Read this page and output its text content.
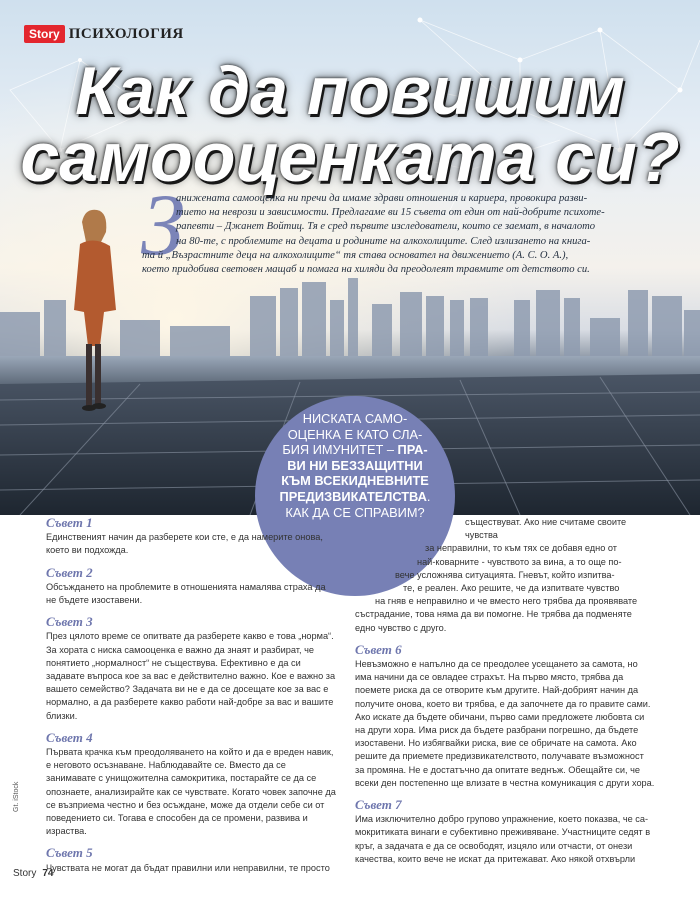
Story ПСИХОЛОГИЯ
Как да повишим
самооценката си?
З
аниженaта самооценка ни пречи да имаме здрави отношения и кариера, провокира разви-
тието на неврози и зависимости. Предлагаме ви 15 съвета от един от най-добрите психоте-
рапевти – Джанет Войтиц. Тя е сред първите изследователи, които се заемат, в началото
на 80-те, с проблемите на децата и родините на алкохолиците. След излизането на книга-
та й „Възрастните деца на алкохолиците“ тя става основател на движението (А. С. О. А.),
което придобива световен мащаб и помага на хиляди да преодолеят травмите от детството си.
НИСКАТА САМО-
ОЦЕНКА Е КАТО СЛА-
БИЯ ИМУНИТЕТ – ПРА-
ВИ НИ БЕЗЗАЩИТНИ
КЪМ ВСЕКИДНЕВНИТЕ
ПРЕДИЗВИКАТЕЛСТВА.
КАК ДА СЕ СПРАВИМ?
Съвет 1

Единственият начин да разберете кои сте, е да намерите онова, което ви подхожда.

Съвет 2

Обсъждането на проблемите в отношенията намалява страха да не бъдете изоставени.

Съвет 3

През цялото време се опитвате да разберете какво е това „норма“. За хората с ниска самооценка е важно да знаят и разбират, че понятието „нормалност“ не съществува. Ефективно е да си задавате въпроса кое за вас е действително важно. Кое е важно за вашето семейство? Задачата ви не е да се досещате кое за вас е нормално, а да разберете какво работи най-добре за вас и вашите близки.

Съвет 4

Първата крачка към преодоляването на който и да е вреден навик, е неговото осъзнаване. Наблюдавайте се. Вместо да се занимавате с унищожителна самокритика, постарайте се да се опознаете, анализирайте как се чувствате. Когато човек започне да се възприема честно и без осъждане, може да отдели себе си от поведението си. Тогава е способен да се промени, развива и израства.

Съвет 5

Чувствата не могат да бъдат правилни или неправилни, те просто

съществуват. Ако ние считаме своите чувства

за неправилни, то към тях се добавя едно от

най-коварните - чувството за вина, а то още по-

вече усложнява ситуацията. Гневът, който изпитва-

те, е реален. Ако решите, че да изпитвате чувство

на гняв е неправилно и че вместо него трябва да проявявате

състрадание, това няма да ви помогне. Не трябва да подменяте

едно чувство с друго.

Съвет 6

Невъзможно е напълно да се преодолее усещането за самота, но има начини да се овладее страхът. На първо място, трябва да поемете риска да се отворите към другите. Най-добрият начин да получите онова, което ви трябва, е да започнете да го правите сами. Ако искате да бъдете обичани, първо сами предложете любовта си на други хора. Има риск да бъдете разбрани погрешно, да бъдете изоставени. Но избягвайки риска, вие се обричате на самота. Ако решите да приемете предизвикателството, получавате възможност за промяна. Не е достатъчно да опитате веднъж. Обещайте си, че всеки ден постепенно ще влизате в честна комуникация с други хора.

Съвет 7

Има изключително добро групово упражнение, което показва, че самокритиката винаги е субективно преживяване. Участниците седят в кръг, а задачата е да се освободят, изцяло или отчасти, от онези качества, които вече не искат да притежават. Ако някой отхвърли

Gt. iStock
Story 74
